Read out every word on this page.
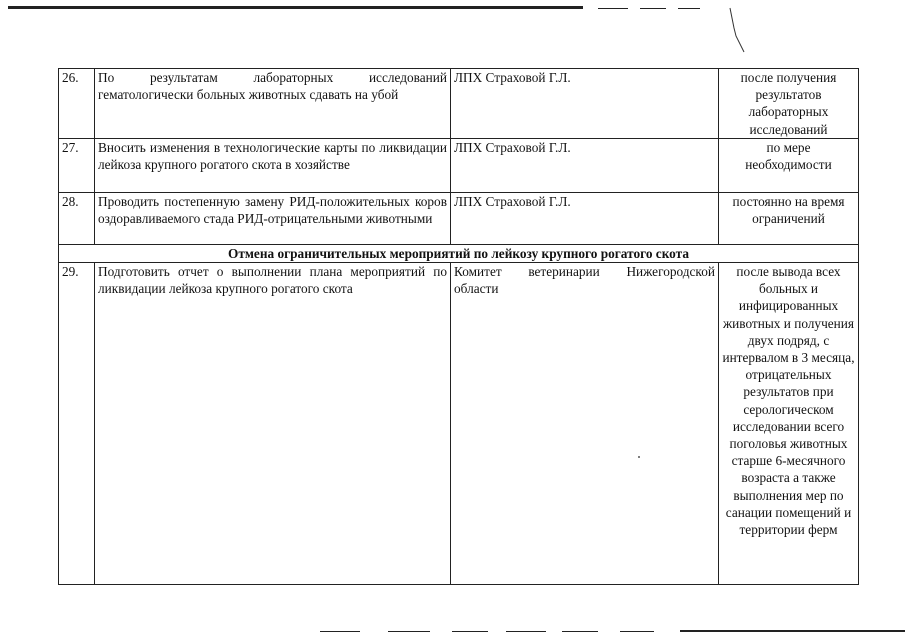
26.	По результатам лабораторных исследований гематологически больных животных сдавать на убой	ЛПХ Страховой Г.Л.	после получения результатов лабораторных исследований
27.	Вносить изменения в технологические карты по ликвидации лейкоза крупного рогатого скота в хозяйстве	ЛПХ Страховой Г.Л.	по мере необходимости
28.	Проводить постепенную замену РИД-положительных коров оздоравливаемого стада РИД-отрицательными животными	ЛПХ Страховой Г.Л.	постоянно на время ограничений
Отмена ограничительных мероприятий по лейкозу крупного рогатого скота			
29.	Подготовить отчет о выполнении плана мероприятий по ликвидации лейкоза крупного рогатого скота	Комитет ветеринарии Нижегородской области	после вывода всех больных и инфицированных животных и получения двух подряд, с интервалом в 3 месяца, отрицательных результатов при серологическом исследовании всего поголовья животных старше 6-месячного возраста а также выполнения мер по санации помещений и территории ферм
